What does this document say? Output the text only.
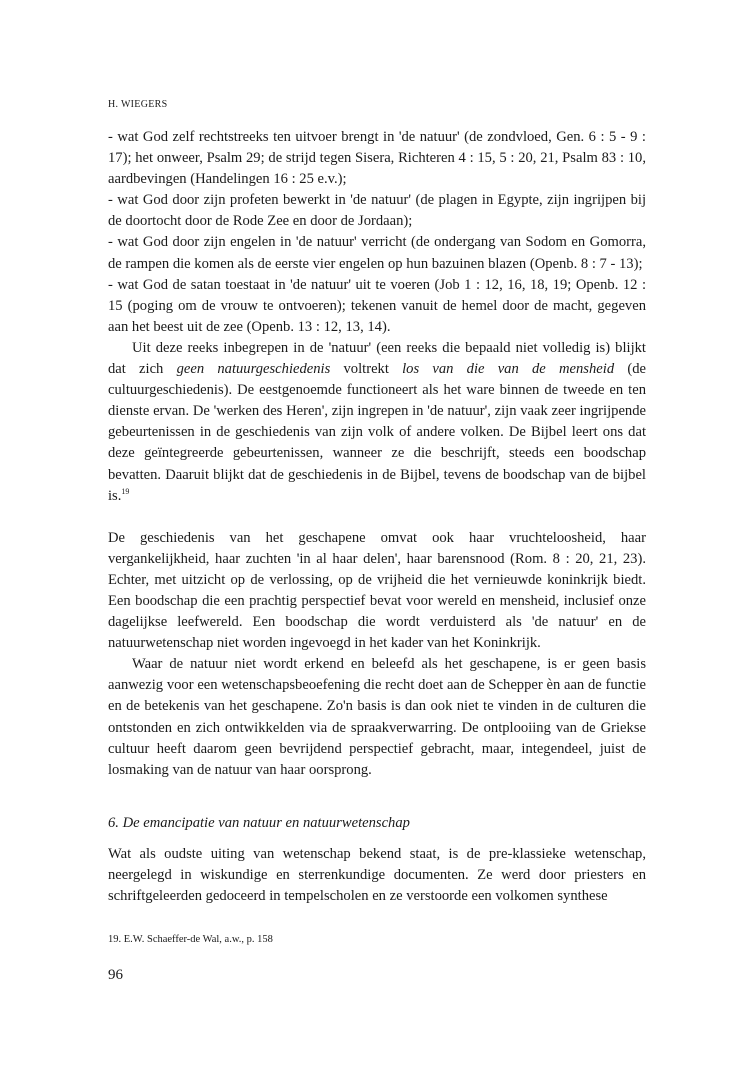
H. WIEGERS

- wat God zelf rechtstreeks ten uitvoer brengt in 'de natuur' (de zondvloed, Gen. 6 : 5 - 9 : 17); het onweer, Psalm 29; de strijd tegen Sisera, Richteren 4 : 15, 5 : 20, 21, Psalm 83 : 10, aardbevingen (Handelingen 16 : 25 e.v.);

- wat God door zijn profeten bewerkt in 'de natuur' (de plagen in Egypte, zijn ingrijpen bij de doortocht door de Rode Zee en door de Jordaan);

- wat God door zijn engelen in 'de natuur' verricht (de ondergang van Sodom en Gomorra, de rampen die komen als de eerste vier engelen op hun bazuinen blazen (Openb. 8 : 7 - 13);

- wat God de satan toestaat in 'de natuur' uit te voeren (Job 1 : 12, 16, 18, 19; Openb. 12 : 15 (poging om de vrouw te ontvoeren); tekenen vanuit de hemel door de macht, gegeven aan het beest uit de zee (Openb. 13 : 12, 13, 14).

Uit deze reeks inbegrepen in de 'natuur' (een reeks die bepaald niet volledig is) blijkt dat zich geen natuurgeschiedenis voltrekt los van die van de mensheid (de cultuurgeschiedenis). De eestgenoemde functioneert als het ware binnen de tweede en ten dienste ervan. De 'werken des Heren', zijn ingrepen in 'de natuur', zijn vaak zeer ingrijpende gebeurtenissen in de geschiedenis van zijn volk of andere volken. De Bijbel leert ons dat deze geïntegreerde gebeurtenissen, wanneer ze die beschrijft, steeds een boodschap bevatten. Daaruit blijkt dat de geschiedenis in de Bijbel, tevens de boodschap van de bijbel is.$^{19}$

De geschiedenis van het geschapene omvat ook haar vruchteloosheid, haar vergankelijkheid, haar zuchten 'in al haar delen', haar barensnood (Rom. 8 : 20, 21, 23). Echter, met uitzicht op de verlossing, op de vrijheid die het vernieuwde koninkrijk biedt. Een boodschap die een prachtig perspectief bevat voor wereld en mensheid, inclusief onze dagelijkse leefwereld. Een boodschap die wordt verduisterd als 'de natuur' en de natuurwetenschap niet worden ingevoegd in het kader van het Koninkrijk.

Waar de natuur niet wordt erkend en beleefd als het geschapene, is er geen basis aanwezig voor een wetenschapsbeoefening die recht doet aan de Schepper èn aan de functie en de betekenis van het geschapene. Zo'n basis is dan ook niet te vinden in de culturen die ontstonden en zich ontwikkelden via de spraakverwarring. De ontplooiing van de Griekse cultuur heeft daarom geen bevrijdend perspectief gebracht, maar, integendeel, juist de losmaking van de natuur van haar oorsprong.

6. De emancipatie van natuur en natuurwetenschap

Wat als oudste uiting van wetenschap bekend staat, is de pre-klassieke wetenschap, neergelegd in wiskundige en sterrenkundige documenten. Ze werd door priesters en schriftgeleerden gedoceerd in tempelscholen en ze verstoorde een volkomen synthese

19. E.W. Schaeffer-de Wal, a.w., p. 158
96
